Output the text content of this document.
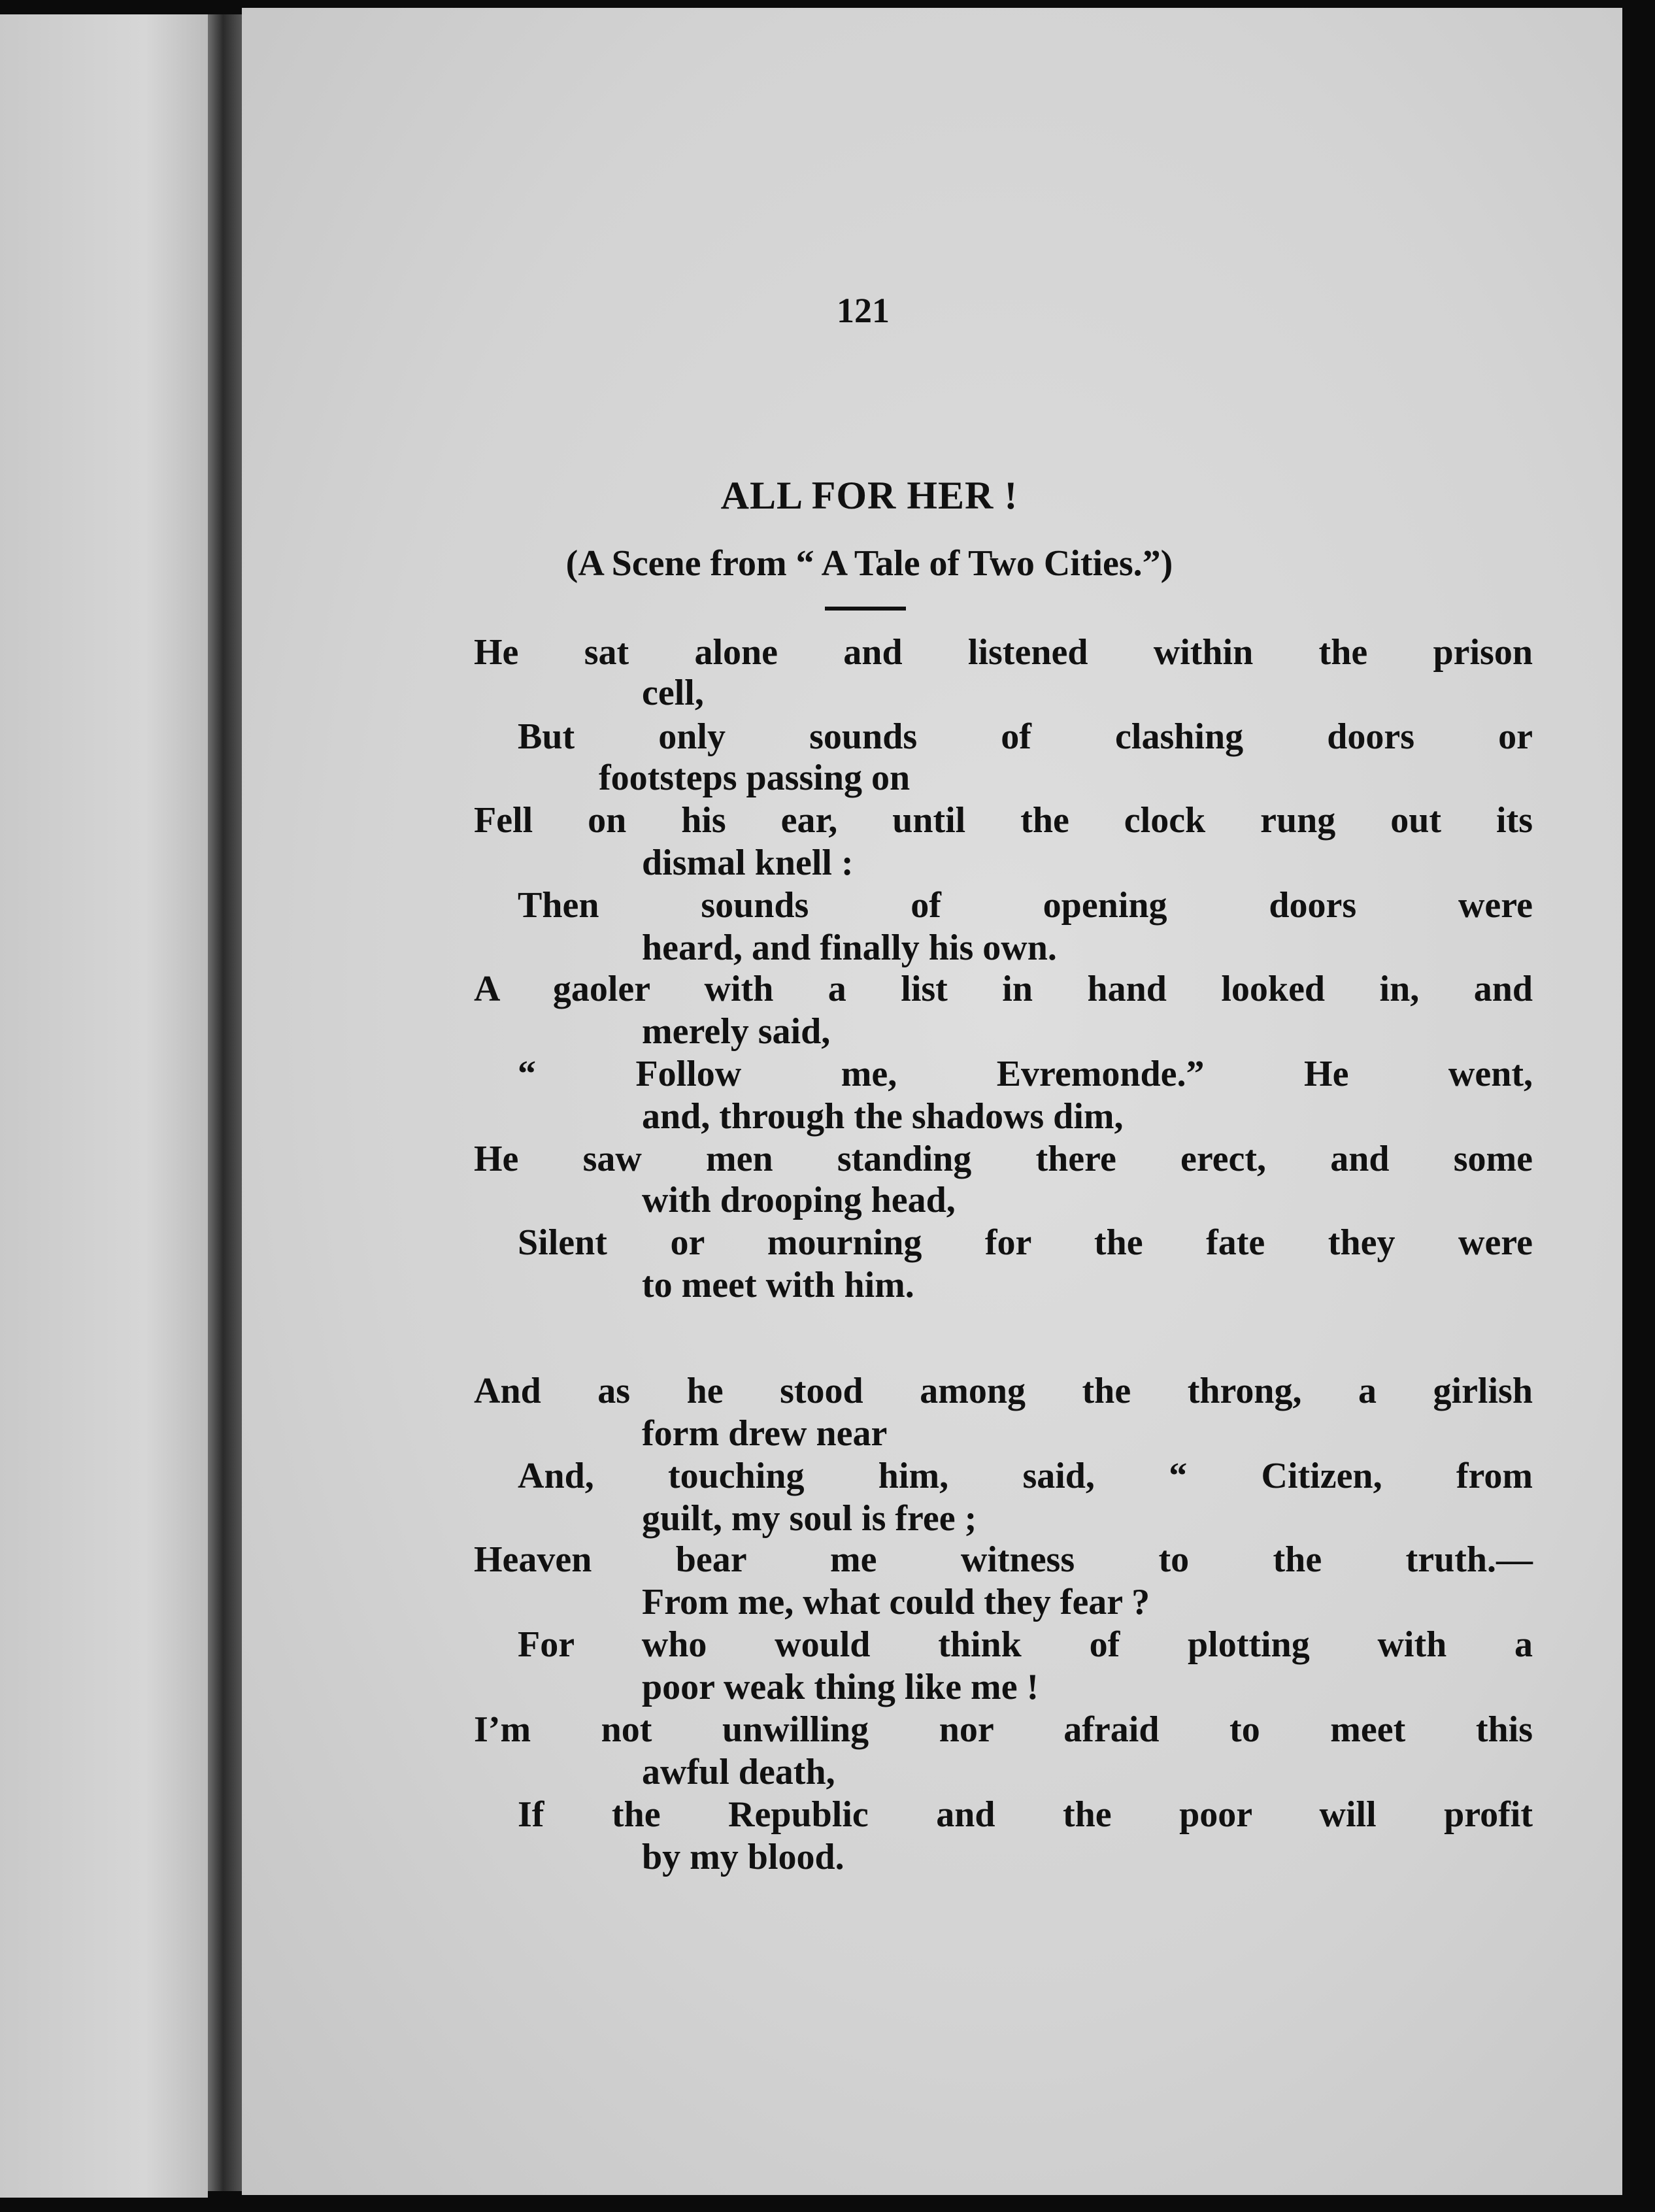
121
ALL FOR HER !
(A Scene from “ A Tale of Two Cities.”)
He sat alone and listened within the prison
cell,
But only sounds of clashing doors or
footsteps passing on
Fell on his ear, until the clock rung out its
dismal knell :
Then sounds of opening doors were
heard, and finally his own.
A gaoler with a list in hand looked in, and
merely said,
“ Follow me, Evremonde.” He went,
and, through the shadows dim,
He saw men standing there erect, and some
with drooping head,
Silent or mourning for the fate they were
to meet with him.
And as he stood among the throng, a girlish
form drew near
And, touching him, said, “ Citizen, from
guilt, my soul is free ;
Heaven bear me witness to the truth.—
From me, what could they fear ?
For who would think of plotting with a
poor weak thing like me !
I’m not unwilling nor afraid to meet this
awful death,
If the Republic and the poor will profit
by my blood.
